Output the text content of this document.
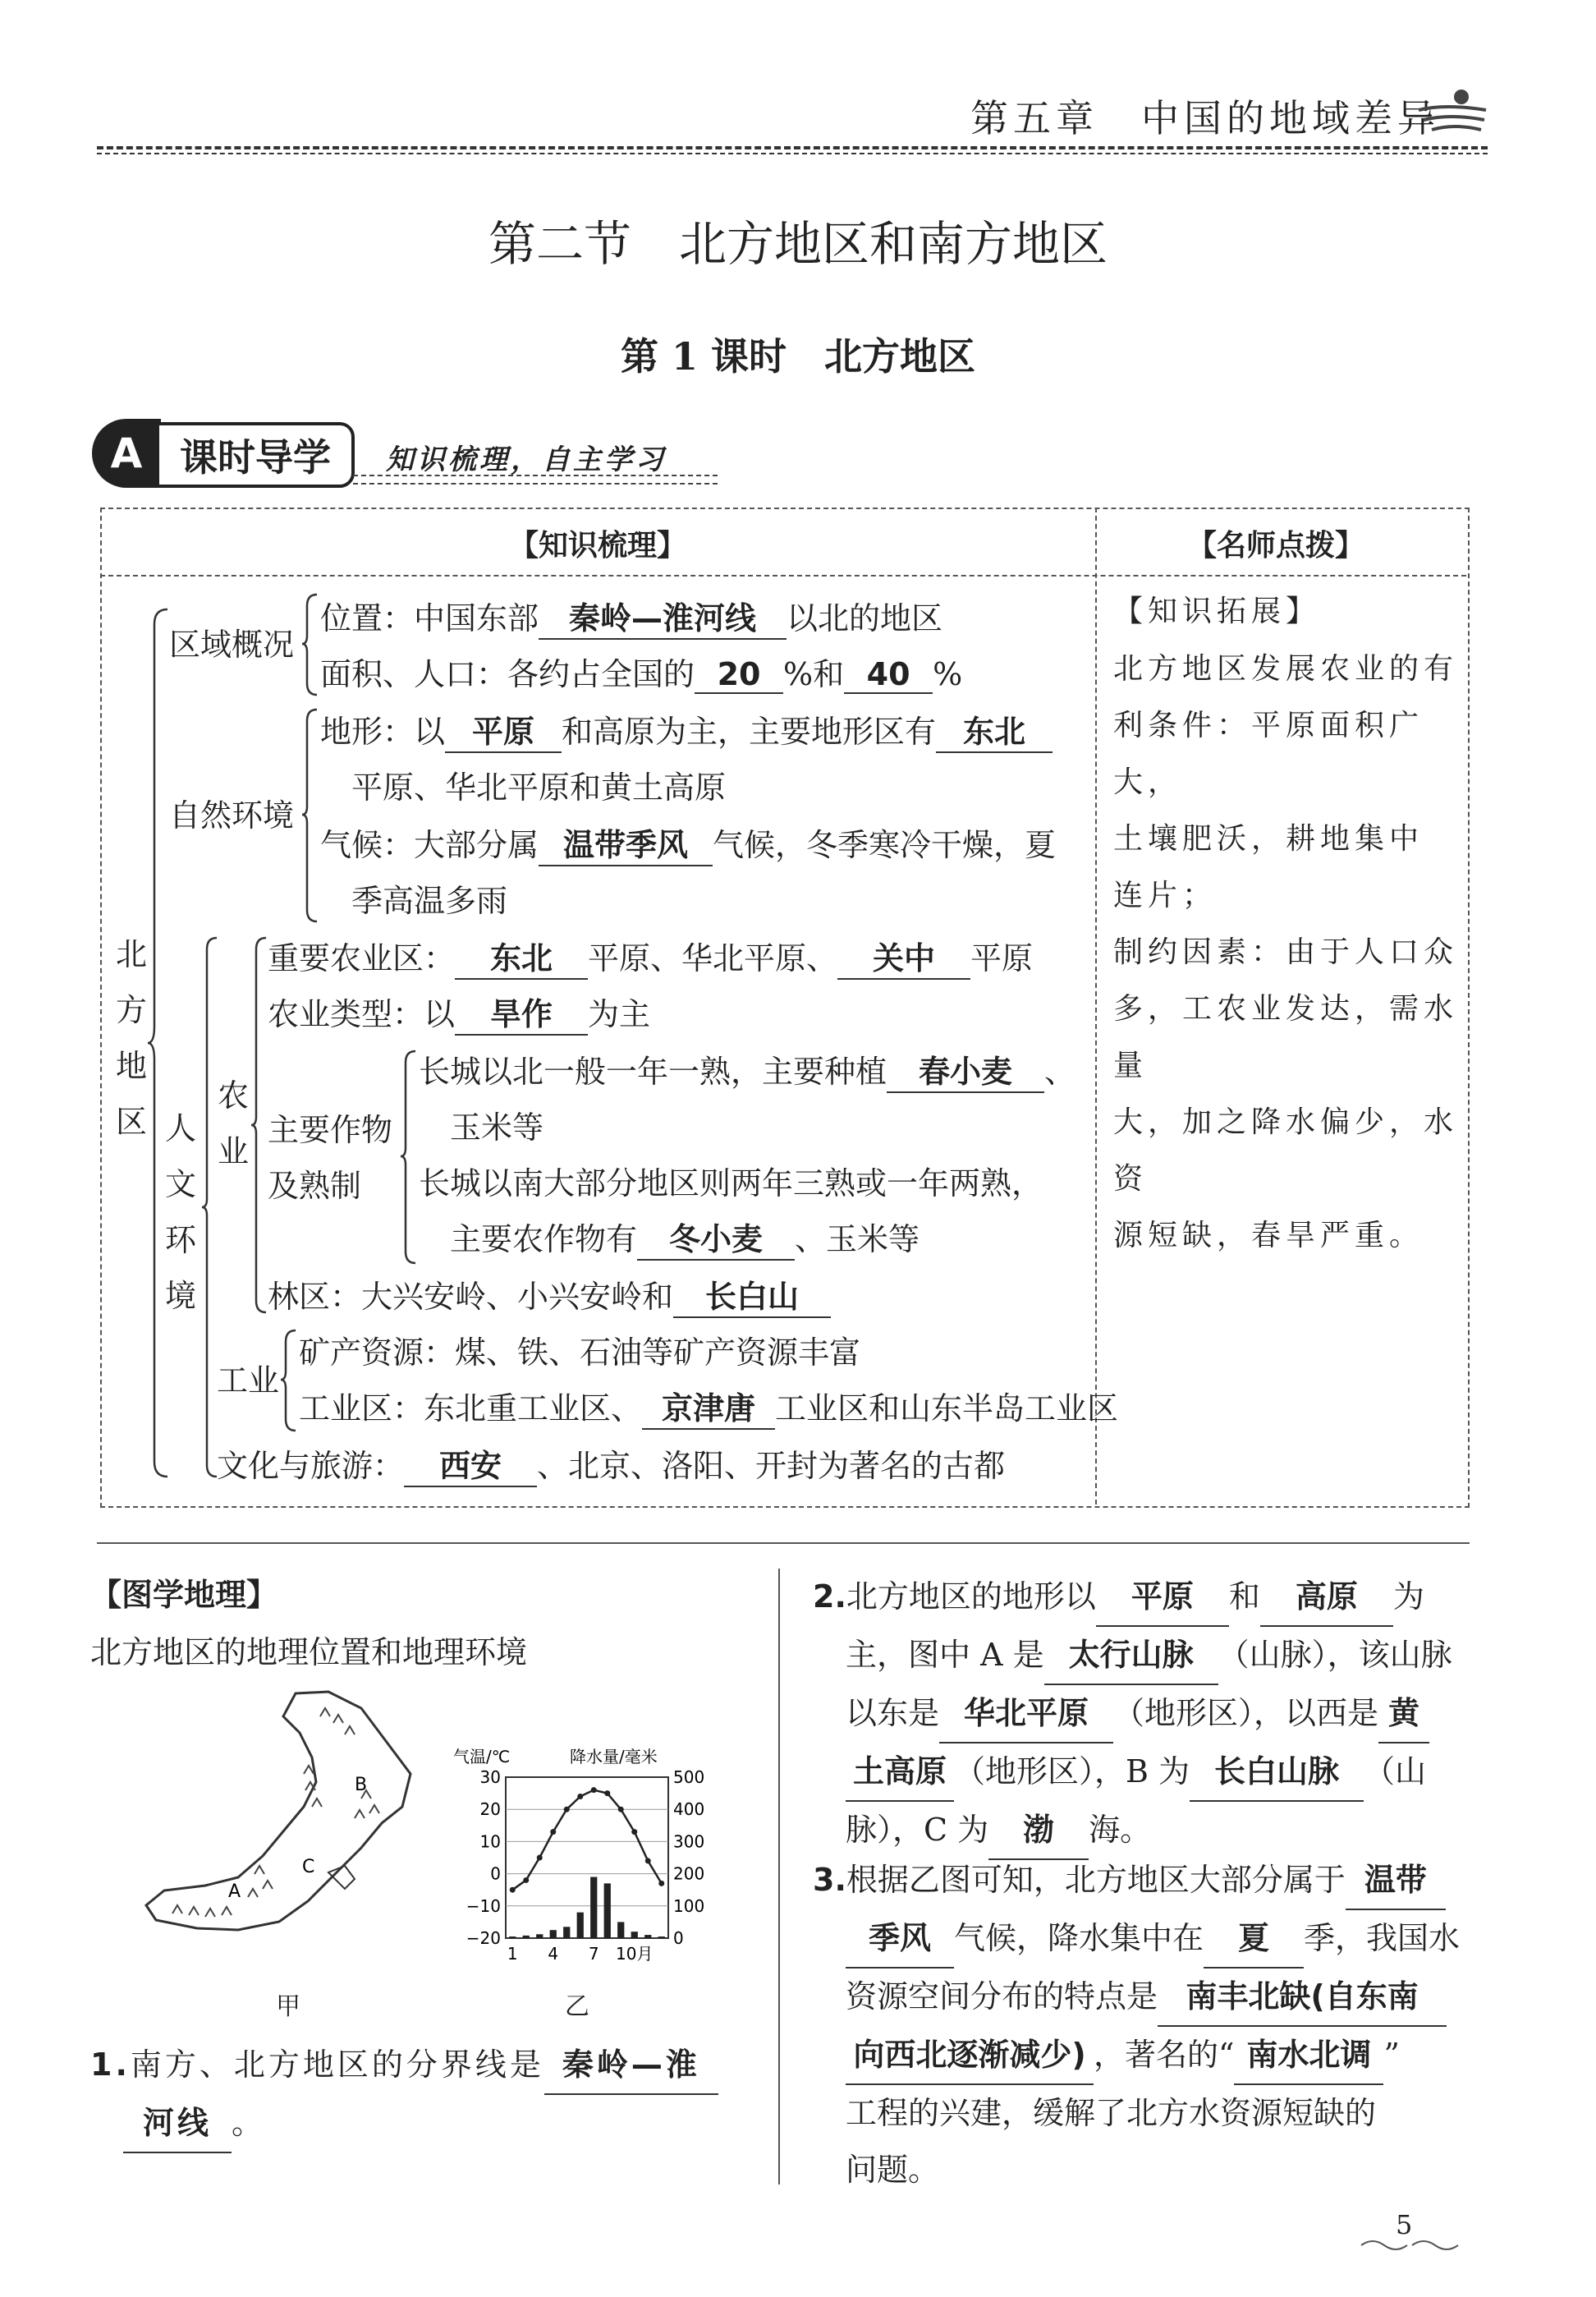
第五章　中国的地域差异
第二节　北方地区和南方地区
第 1 课时　北方地区
A 课时导学	知识梳理，自主学习
【知识梳理】	【名师点拨】
北方地区
区域概况
位置：中国东部 秦岭—淮河线 以北的地区
面积、人口：各约占全国的 20 %和 40 %
自然环境
地形：以 平原 和高原为主，主要地形区有 东北
平原、华北平原和黄土高原
气候：大部分属 温带季风 气候，冬季寒冷干燥，夏
季高温多雨
人文环境
农业
重要农业区： 东北 平原、华北平原、 关中 平原
农业类型：以 旱作 为主
主要作物
及熟制
长城以北一般一年一熟，主要种植 春小麦 、
玉米等
长城以南大部分地区则两年三熟或一年两熟，
主要农作物有 冬小麦 、玉米等
林区：大兴安岭、小兴安岭和 长白山
工业
矿产资源：煤、铁、石油等矿产资源丰富
工业区：东北重工业区、 京津唐 工业区和山东半岛工业区
文化与旅游： 西安 、北京、洛阳、开封为著名的古都
【知识拓展】
北方地区发展农业的有
利条件：平原面积广大，
土壤肥沃，耕地集中
连片；
制约因素：由于人口众
多，工农业发达，需水量
大，加之降水偏少，水资
源短缺，春旱严重。
【图学地理】
北方地区的地理位置和地理环境
A
B
C
甲
气温/℃	降水量/毫米
30	500
20	400
10	300
0	200
−10	100
−20	0
1 4 7 10月
乙
1.南方、北方地区的分界线是 秦岭—淮
河线 。
2.北方地区的地形以 平原 和 高原 为
主，图中 A 是 太行山脉 （山脉），该山脉
以东是 华北平原 （地形区），以西是 黄
土高原 （地形区），B 为 长白山脉 （山
脉），C 为 渤 海。
3.根据乙图可知，北方地区大部分属于 温带
季风 气候，降水集中在 夏 季，我国水
资源空间分布的特点是 南丰北缺(自东南
向西北逐渐减少) ，著名的“ 南水北调 ”
工程的兴建，缓解了北方水资源短缺的
问题。
5
